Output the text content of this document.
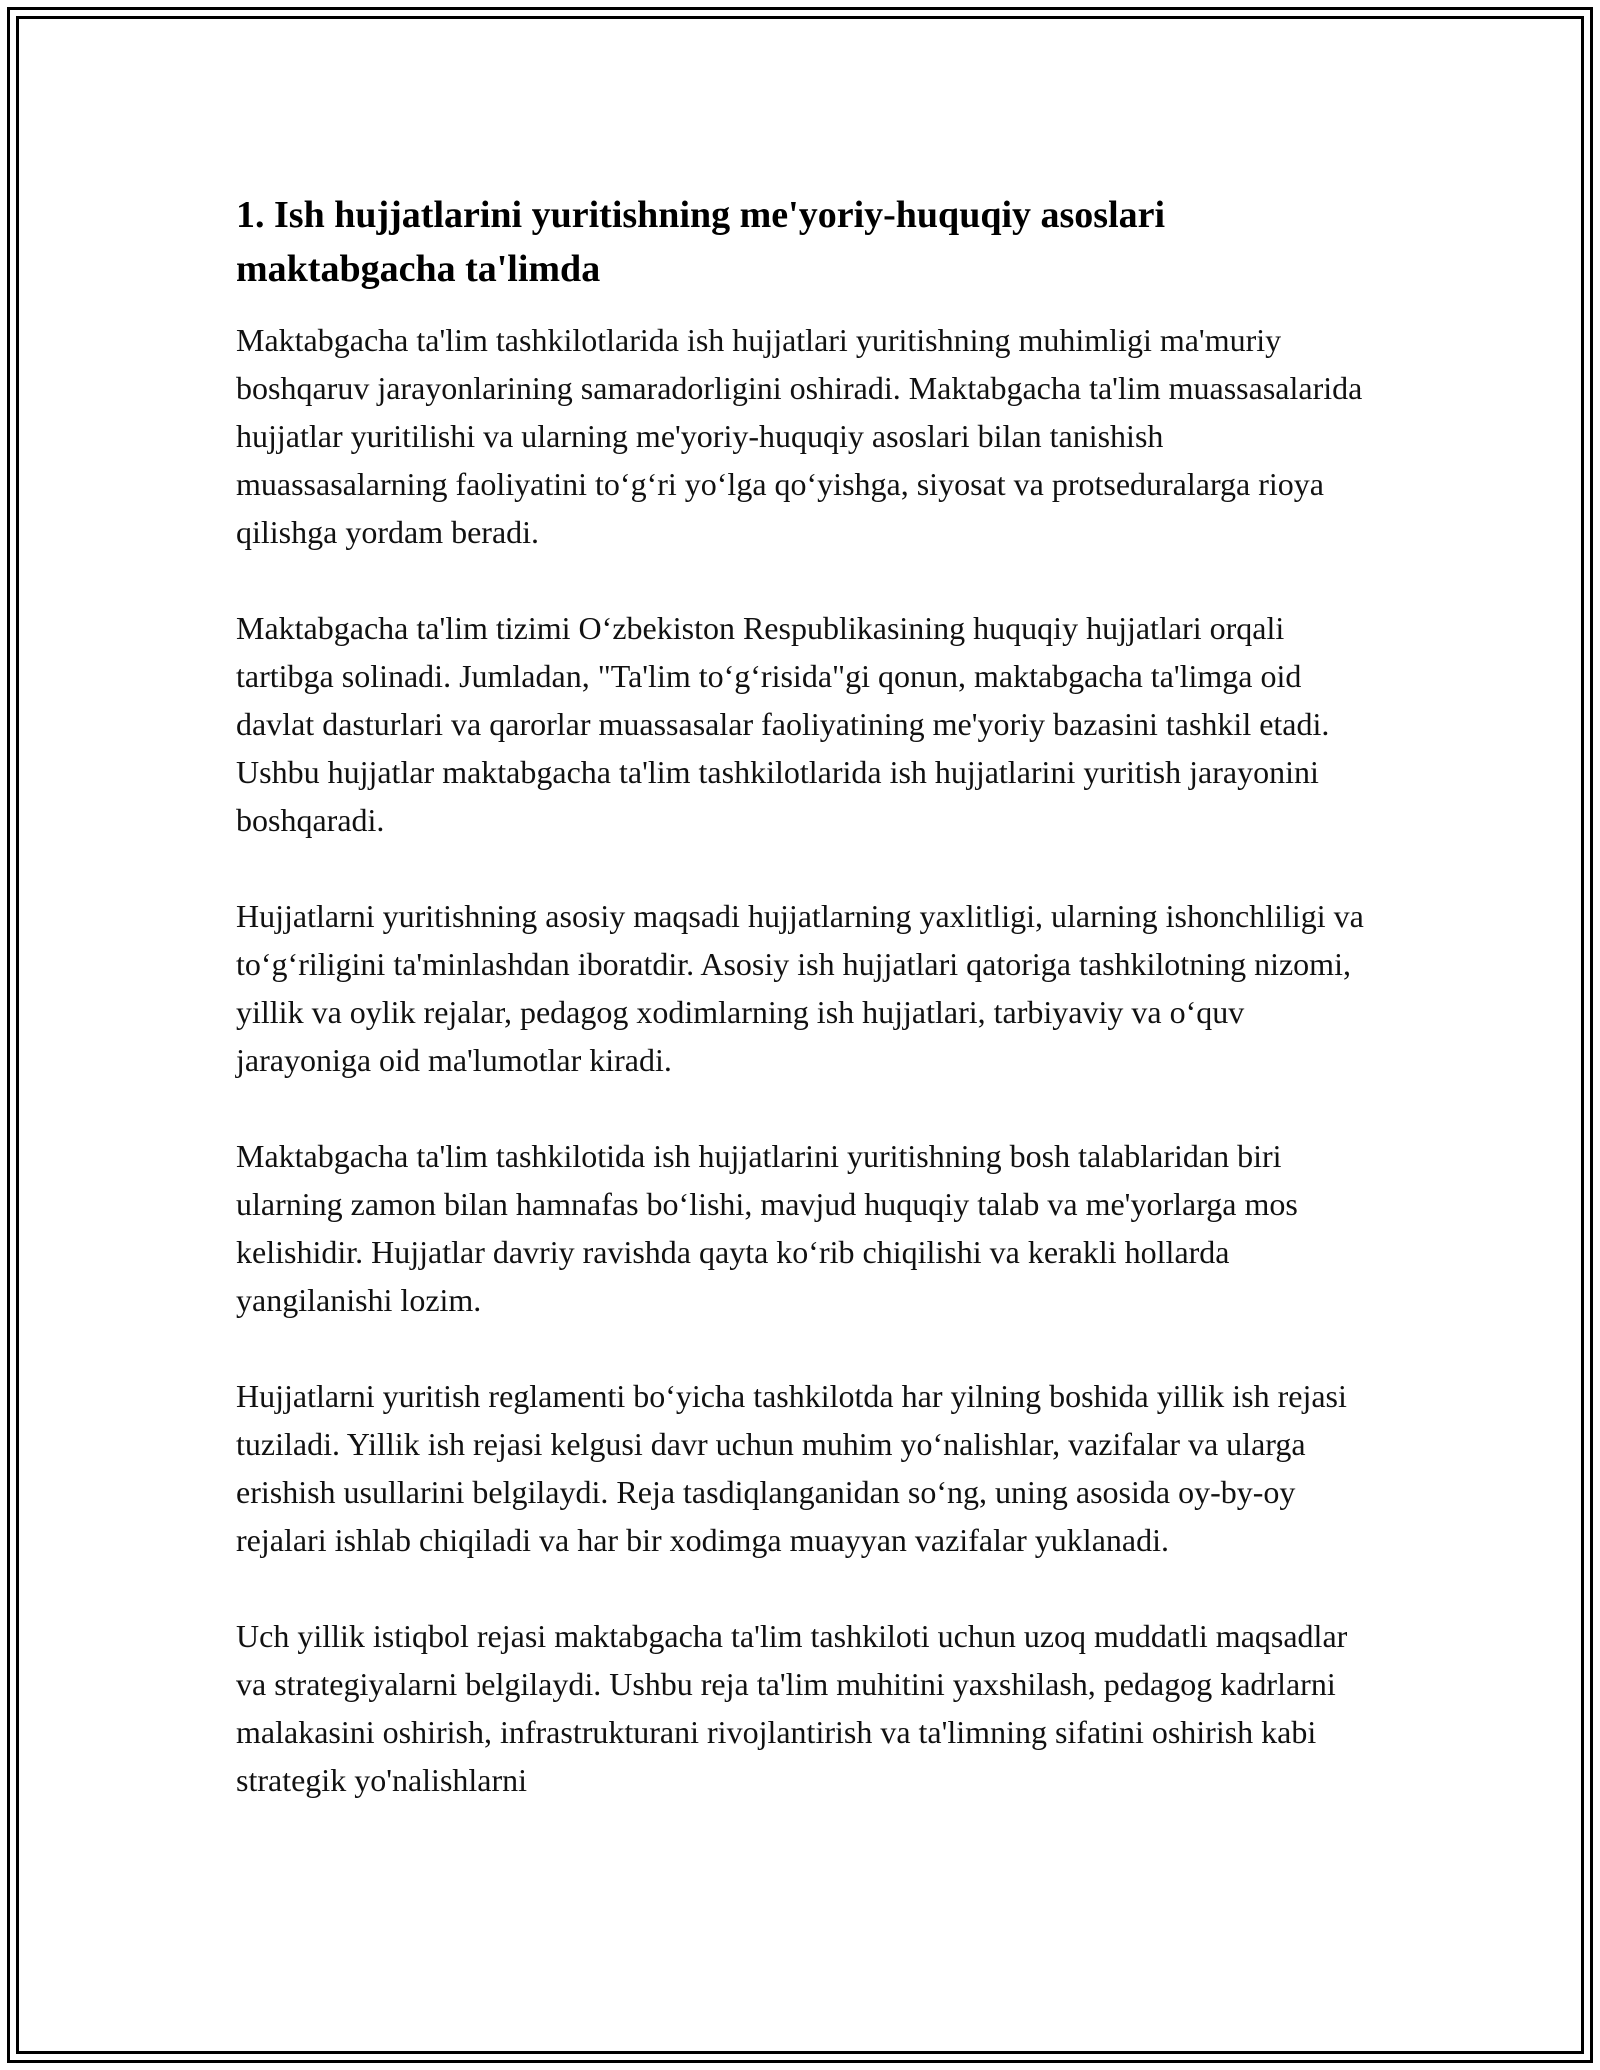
1. Ish hujjatlarini yuritishning me'yoriy-huquqiy asoslari maktabgacha ta'limda

Maktabgacha ta'lim tashkilotlarida ish hujjatlari yuritishning muhimligi ma'muriy boshqaruv jarayonlarining samaradorligini oshiradi. Maktabgacha ta'lim muassasalarida hujjatlar yuritilishi va ularning me'yoriy-huquqiy asoslari bilan tanishish muassasalarning faoliyatini to‘g‘ri yo‘lga qo‘yishga, siyosat va protseduralarga rioya qilishga yordam beradi.

Maktabgacha ta'lim tizimi O‘zbekiston Respublikasining huquqiy hujjatlari orqali tartibga solinadi. Jumladan, "Ta'lim to‘g‘risida"gi qonun, maktabgacha ta'limga oid davlat dasturlari va qarorlar muassasalar faoliyatining me'yoriy bazasini tashkil etadi. Ushbu hujjatlar maktabgacha ta'lim tashkilotlarida ish hujjatlarini yuritish jarayonini boshqaradi.

Hujjatlarni yuritishning asosiy maqsadi hujjatlarning yaxlitligi, ularning ishonchliligi va to‘g‘riligini ta'minlashdan iboratdir. Asosiy ish hujjatlari qatoriga tashkilotning nizomi, yillik va oylik rejalar, pedagog xodimlarning ish hujjatlari, tarbiyaviy va o‘quv jarayoniga oid ma'lumotlar kiradi.

Maktabgacha ta'lim tashkilotida ish hujjatlarini yuritishning bosh talablaridan biri ularning zamon bilan hamnafas bo‘lishi, mavjud huquqiy talab va me'yorlarga mos kelishidir. Hujjatlar davriy ravishda qayta ko‘rib chiqilishi va kerakli hollarda yangilanishi lozim.

Hujjatlarni yuritish reglamenti bo‘yicha tashkilotda har yilning boshida yillik ish rejasi tuziladi. Yillik ish rejasi kelgusi davr uchun muhim yo‘nalishlar, vazifalar va ularga erishish usullarini belgilaydi. Reja tasdiqlanganidan so‘ng, uning asosida oy-by-oy rejalari ishlab chiqiladi va har bir xodimga muayyan vazifalar yuklanadi.

Uch yillik istiqbol rejasi maktabgacha ta'lim tashkiloti uchun uzoq muddatli maqsadlar va strategiyalarni belgilaydi. Ushbu reja ta'lim muhitini yaxshilash, pedagog kadrlarni malakasini oshirish, infrastrukturani rivojlantirish va ta'limning sifatini oshirish kabi strategik yo'nalishlarni
